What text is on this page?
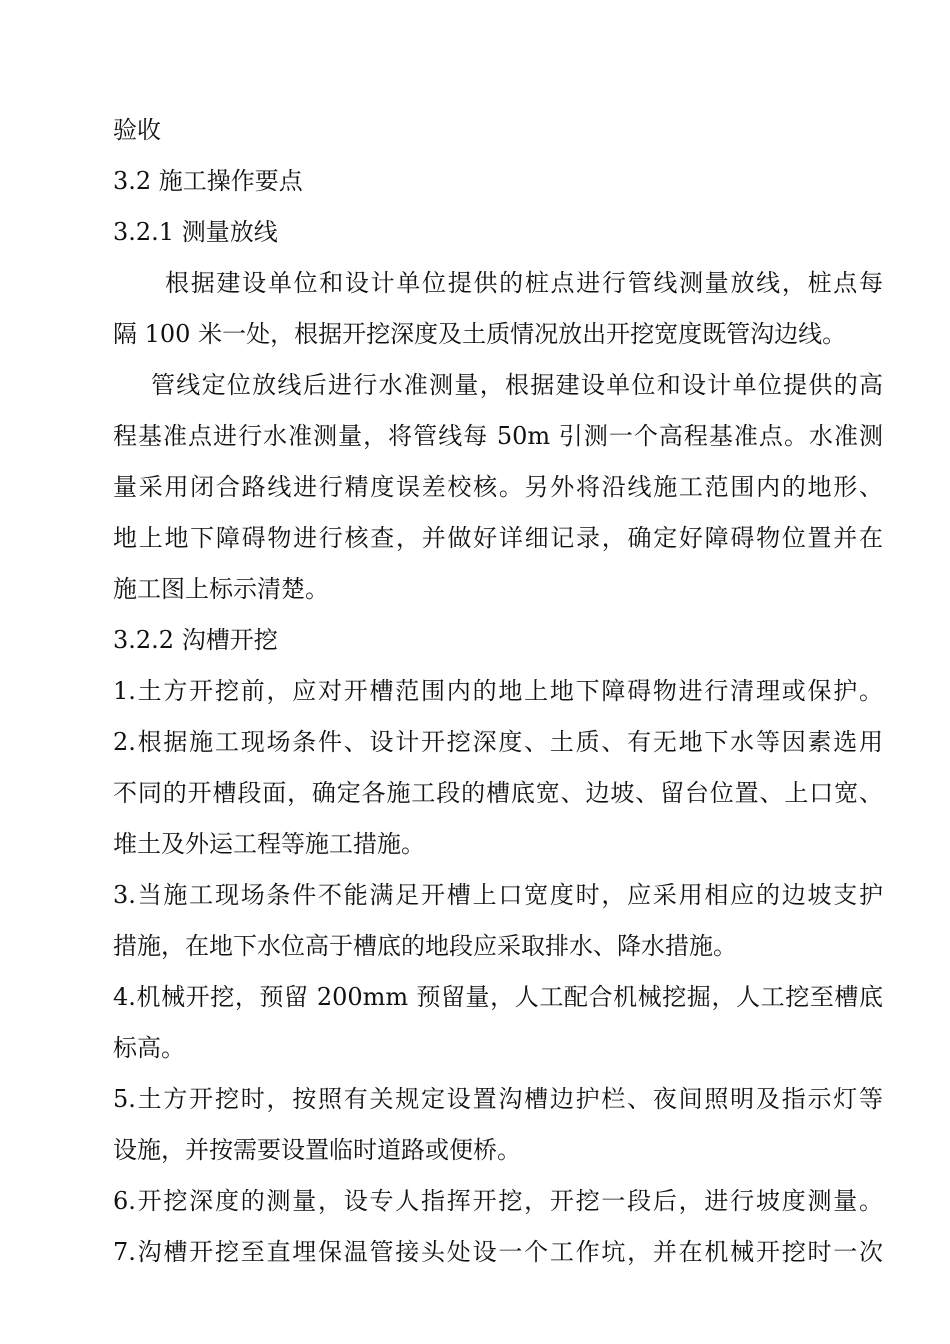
验收
3.2 施工操作要点
3.2.1 测量放线
根据建设单位和设计单位提供的桩点进行管线测量放线，桩点每
隔 100 米一处，根据开挖深度及土质情况放出开挖宽度既管沟边线。
管线定位放线后进行水准测量，根据建设单位和设计单位提供的高
程基准点进行水准测量，将管线每 50m 引测一个高程基准点。水准测
量采用闭合路线进行精度误差校核。另外将沿线施工范围内的地形、
地上地下障碍物进行核查，并做好详细记录，确定好障碍物位置并在
施工图上标示清楚。
3.2.2 沟槽开挖
1.土方开挖前，应对开槽范围内的地上地下障碍物进行清理或保护。
2.根据施工现场条件、设计开挖深度、土质、有无地下水等因素选用
不同的开槽段面，确定各施工段的槽底宽、边坡、留台位置、上口宽、
堆土及外运工程等施工措施。
3.当施工现场条件不能满足开槽上口宽度时，应采用相应的边坡支护
措施，在地下水位高于槽底的地段应采取排水、降水措施。
4.机械开挖，预留 200mm 预留量，人工配合机械挖掘，人工挖至槽底
标高。
5.土方开挖时，按照有关规定设置沟槽边护栏、夜间照明及指示灯等
设施，并按需要设置临时道路或便桥。
6.开挖深度的测量，设专人指挥开挖，开挖一段后，进行坡度测量。
7.沟槽开挖至直埋保温管接头处设一个工作坑，并在机械开挖时一次
